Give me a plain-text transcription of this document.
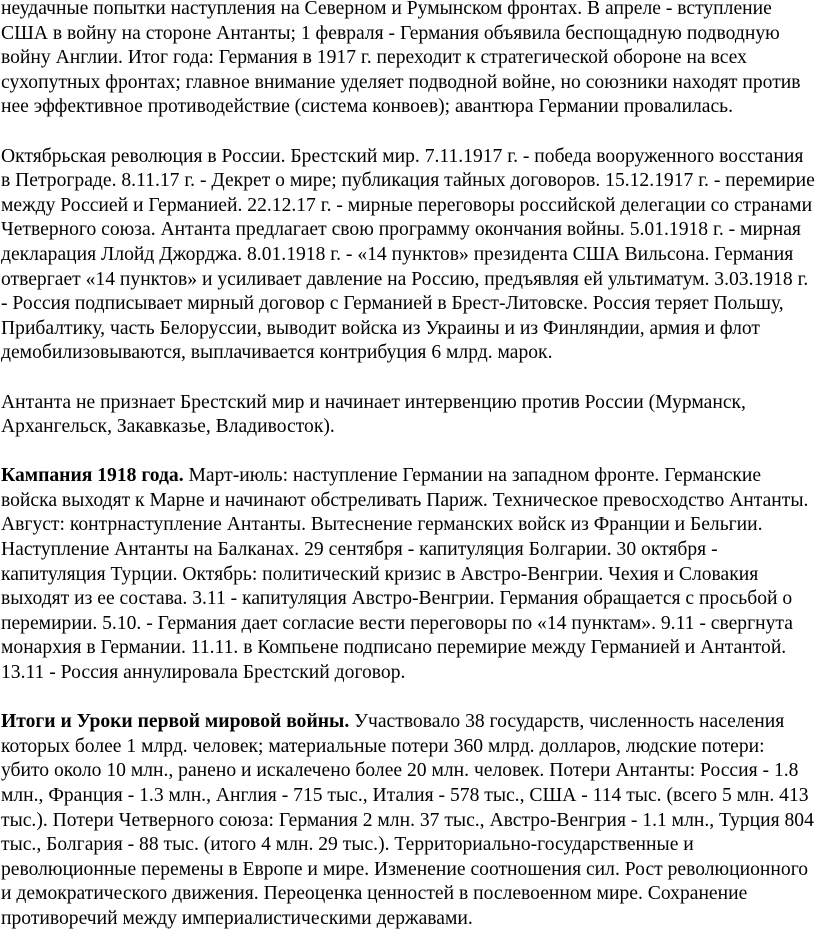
неудачные попытки наступления на Северном и Румынском фронтах. В апреле - вступление США в войну на стороне Антанты; 1 февраля - Германия объявила беспощадную подводную войну Англии. Итог года: Германия в 1917 г. переходит к стратегической обороне на всех сухопутных фронтах; главное внимание уделяет подводной войне, но союзники находят против нее эффективное противодействие (система конвоев); авантюра Германии провалилась.

Октябрьская революция в России. Брестский мир. 7.11.1917 г. - победа вооруженного восстания в Петрограде. 8.11.17 г. - Декрет о мире; публикация тайных договоров. 15.12.1917 г. - перемирие между Россией и Германией. 22.12.17 г. - мирные переговоры российской делегации со странами Четверного союза. Антанта предлагает свою программу окончания войны. 5.01.1918 г. - мирная декларация Ллойд Джорджа. 8.01.1918 г. - «14 пунктов» президента США Вильсона. Германия отвергает «14 пунктов» и усиливает давление на Россию, предъявляя ей ультиматум. 3.03.1918 г. - Россия подписывает мирный договор с Германией в Брест-Литовске. Россия теряет Польшу, Прибалтику, часть Белоруссии, выводит войска из Украины и из Финляндии, армия и флот демобилизовываются, выплачивается контрибуция 6 млрд. марок.

Антанта не признает Брестский мир и начинает интервенцию против России (Мурманск, Архангельск, Закавказье, Владивосток).

Кампания 1918 года. Март-июль: наступление Германии на западном фронте. Германские войска выходят к Марне и начинают обстреливать Париж. Техническое превосходство Антанты. Август: контрнаступление Антанты. Вытеснение германских войск из Франции и Бельгии. Наступление Антанты на Балканах. 29 сентября - капитуляция Болгарии. 30 октября - капитуляция Турции. Октябрь: политический кризис в Австро-Венгрии. Чехия и Словакия выходят из ее состава. 3.11 - капитуляция Австро-Венгрии. Германия обращается с просьбой о перемирии. 5.10. - Германия дает согласие вести переговоры по «14 пунктам». 9.11 - свергнута монархия в Германии. 11.11. в Компьене подписано перемирие между Германией и Антантой. 13.11 - Россия аннулировала Брестский договор.

Итоги и Уроки первой мировой войны. Участвовало 38 государств, численность населения которых более 1 млрд. человек; материальные потери 360 млрд. долларов, людские потери: убито около 10 млн., ранено и искалечено более 20 млн. человек. Потери Антанты: Россия - 1.8 млн., Франция - 1.3 млн., Англия - 715 тыс., Италия - 578 тыс., США - 114 тыс. (всего 5 млн. 413 тыс.). Потери Четверного союза: Германия 2 млн. 37 тыс., Австро-Венгрия - 1.1 млн., Турция 804 тыс., Болгария - 88 тыс. (итого 4 млн. 29 тыс.). Территориально-государственные и революционные перемены в Европе и мире. Изменение соотношения сил. Рост революционного и демократического движения. Переоценка ценностей в послевоенном мире. Сохранение противоречий между империалистическими державами.
